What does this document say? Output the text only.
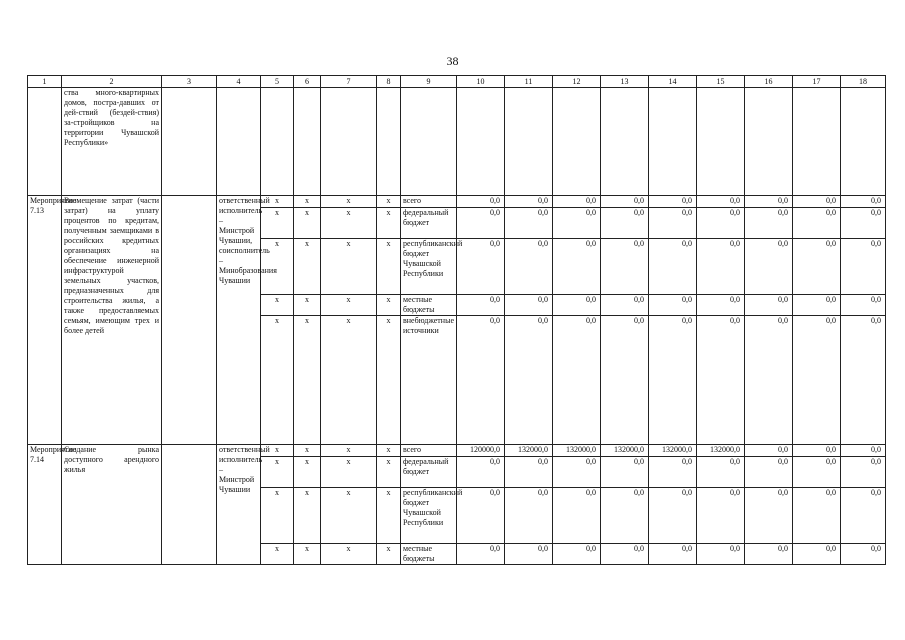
38
1	2	3	4	5	6	7	8	9	10	11	12	13	14	15	16	17	18
	ства много-квартирных домов, постра-давших от дей-ствий (бездей-ствия) за-стройщиков на территории Чувашской Республики»																
Мероприятие 7.13	Возмещение затрат (части затрат) на уплату процентов по кредитам, полученным заемщиками в российских кредитных организациях на обеспечение инженерной инфраструктурой земельных участков, предназначенных для строительства жилья, а также предоставляемых семьям, имеющим трех и более детей		ответственный исполнитель – Минстрой Чувашии, соисполнитель – Минобразования Чувашии	х	х	х	х	всего	0,0	0,0	0,0	0,0	0,0	0,0	0,0	0,0	0,0
				х	х	х	х	федеральный бюджет	0,0	0,0	0,0	0,0	0,0	0,0	0,0	0,0	0,0
				х	х	х	х	республиканский бюджет Чувашской Республики	0,0	0,0	0,0	0,0	0,0	0,0	0,0	0,0	0,0
				х	х	х	х	местные бюджеты	0,0	0,0	0,0	0,0	0,0	0,0	0,0	0,0	0,0
				х	х	х	х	внебюджетные источники	0,0	0,0	0,0	0,0	0,0	0,0	0,0	0,0	0,0
Мероприятие 7.14	Создание рынка доступного арендного жилья		ответственный исполнитель – Минстрой Чувашии	х	х	х	х	всего	120000,0	132000,0	132000,0	132000,0	132000,0	132000,0	0,0	0,0	0,0
				х	х	х	х	федеральный бюджет	0,0	0,0	0,0	0,0	0,0	0,0	0,0	0,0	0,0
				х	х	х	х	республиканский бюджет Чувашской Республики	0,0	0,0	0,0	0,0	0,0	0,0	0,0	0,0	0,0
				х	х	х	х	местные бюджеты	0,0	0,0	0,0	0,0	0,0	0,0	0,0	0,0	0,0
